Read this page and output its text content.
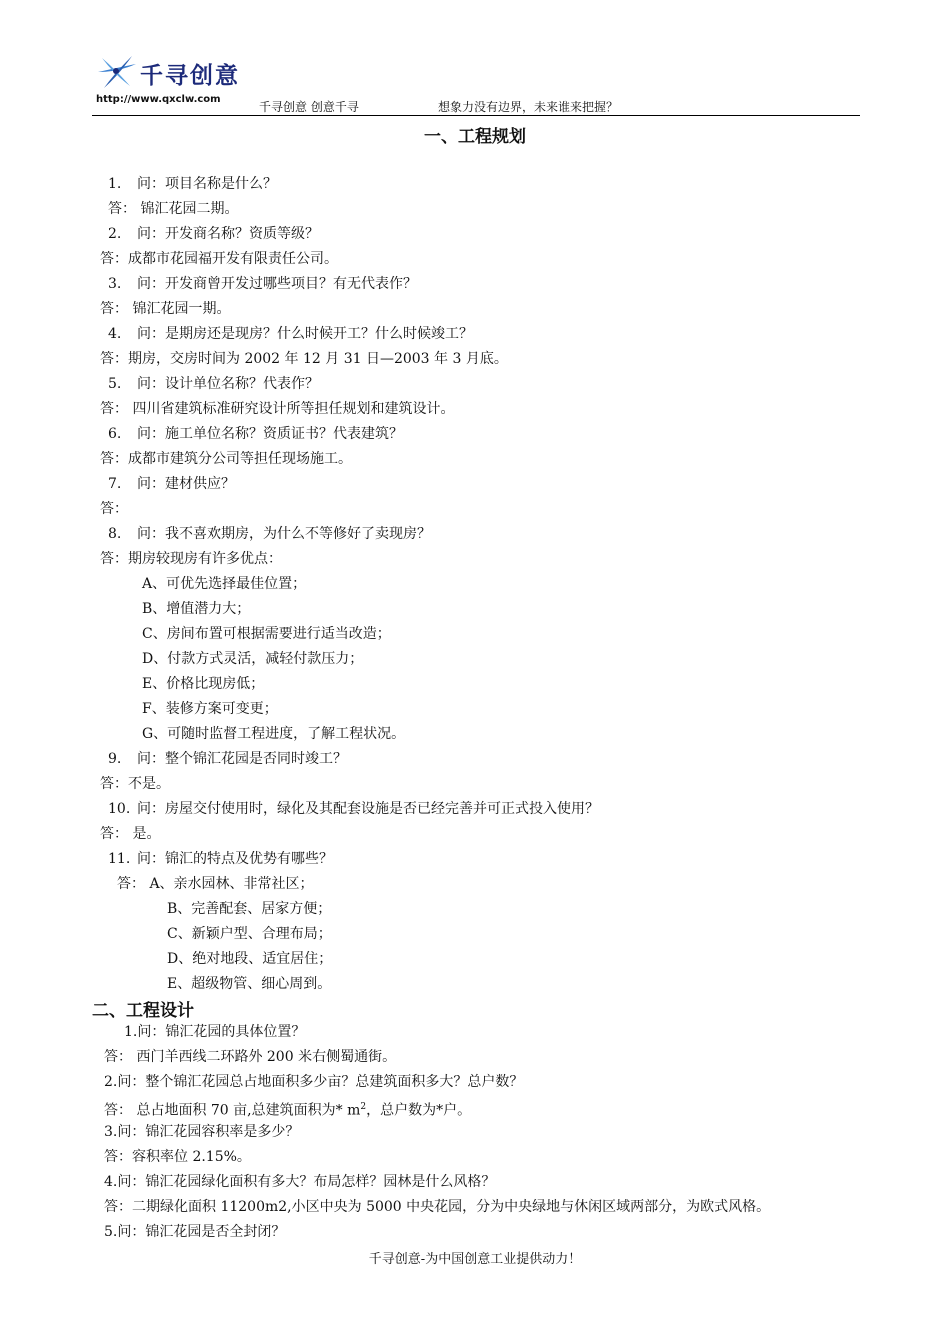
千寻创意
http://www.qxclw.com
千寻创意 创意千寻	想象力没有边界，未来谁来把握？
一、工程规划
1. 问：项目名称是什么？
答： 锦汇花园二期。
2. 问：开发商名称？资质等级？
答：成都市花园福开发有限责任公司。
3. 问：开发商曾开发过哪些项目？有无代表作？
答： 锦汇花园一期。
4. 问：是期房还是现房？什么时候开工？什么时候竣工？
答：期房，交房时间为 2002 年 12 月 31 日—2003 年 3 月底。
5. 问：设计单位名称？代表作？
答： 四川省建筑标准研究设计所等担任规划和建筑设计。
6. 问：施工单位名称？资质证书？代表建筑？
答：成都市建筑分公司等担任现场施工。
7. 问：建材供应？
答：
8. 问：我不喜欢期房，为什么不等修好了卖现房？
答：期房较现房有许多优点：
A、可优先选择最佳位置；
B、增值潜力大；
C、房间布置可根据需要进行适当改造；
D、付款方式灵活，减轻付款压力；
E、价格比现房低；
F、装修方案可变更；
G、可随时监督工程进度，了解工程状况。
9. 问：整个锦汇花园是否同时竣工？
答：不是。
10. 问：房屋交付使用时，绿化及其配套设施是否已经完善并可正式投入使用？
答： 是。
11. 问：锦汇的特点及优势有哪些？
答： A、亲水园林、非常社区；
B、完善配套、居家方便；
C、新颖户型、合理布局；
D、绝对地段、适宜居住；
E、超级物管、细心周到。
二、工程设计
1.问：锦汇花园的具体位置？
答： 西门羊西线二环路外 200 米右侧蜀通街。
2.问：整个锦汇花园总占地面积多少亩？总建筑面积多大？总户数？
答： 总占地面积 70 亩,总建筑面积为* $m^2$，总户数为*户。
3.问：锦汇花园容积率是多少？
答：容积率位 2.15%。
4.问：锦汇花园绿化面积有多大？布局怎样？园林是什么风格？
答：二期绿化面积 11200m2,小区中央为 5000 中央花园，分为中央绿地与休闲区域两部分，为欧式风格。
5.问：锦汇花园是否全封闭？
千寻创意-为中国创意工业提供动力！
